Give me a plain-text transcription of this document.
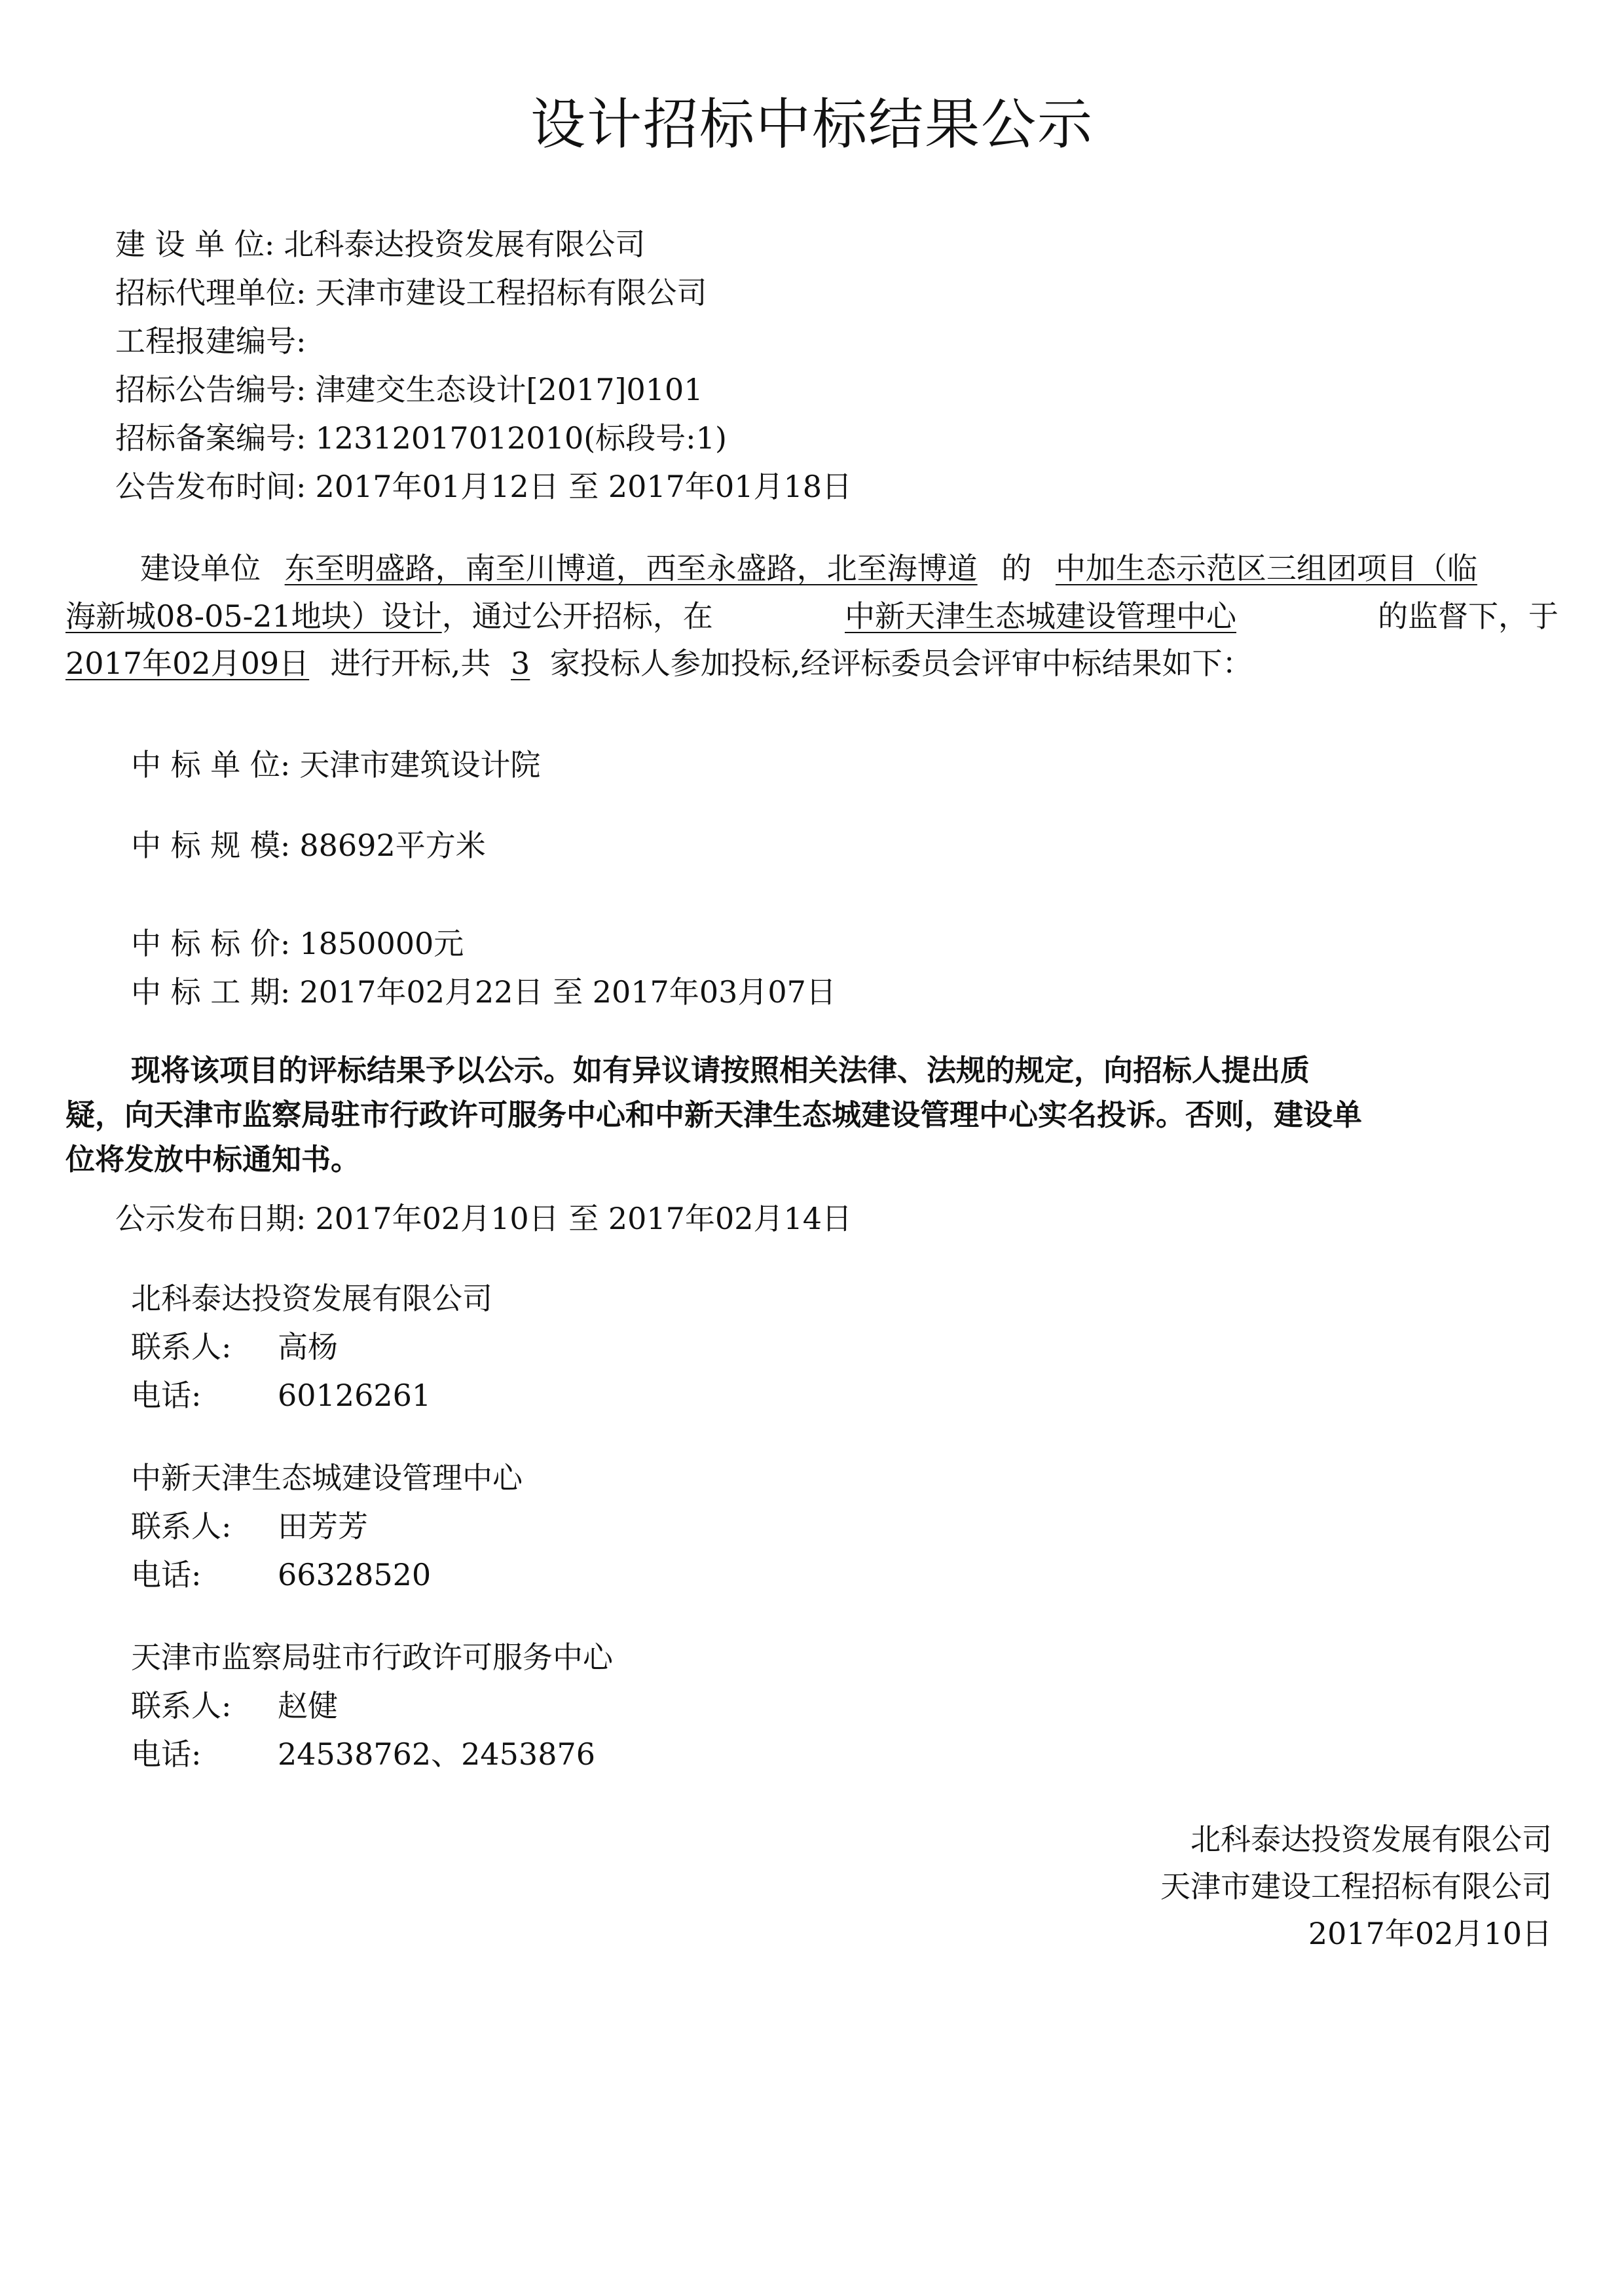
设计招标中标结果公示
建 设 单 位: 北科泰达投资发展有限公司
招标代理单位: 天津市建设工程招标有限公司
工程报建编号:
招标公告编号: 津建交生态设计[2017]0101
招标备案编号: 12312017012010(标段号:1)
公告发布时间: 2017年01月12日 至 2017年01月18日
建设单位 东至明盛路，南至川博道，西至永盛路，北至海博道 的 中加生态示范区三组团项目（临
海新城08-05-21地块）设计，通过公开招标，在	中新天津生态城建设管理中心	的监督下，于
2017年02月09日 进行开标,共 3 家投标人参加投标,经评标委员会评审中标结果如下：
中 标 单 位: 天津市建筑设计院
中 标 规 模: 88692平方米
中 标 标 价: 1850000元
中 标 工 期: 2017年02月22日 至 2017年03月07日
现将该项目的评标结果予以公示。如有异议请按照相关法律、法规的规定，向招标人提出质
疑，向天津市监察局驻市行政许可服务中心和中新天津生态城建设管理中心实名投诉。否则，建设单
位将发放中标通知书。
公示发布日期: 2017年02月10日 至 2017年02月14日
北科泰达投资发展有限公司
联系人: 高杨
电话:	60126261
中新天津生态城建设管理中心
联系人: 田芳芳
电话:	66328520
天津市监察局驻市行政许可服务中心
联系人: 赵健
电话:	24538762、2453876
北科泰达投资发展有限公司
天津市建设工程招标有限公司
2017年02月10日
